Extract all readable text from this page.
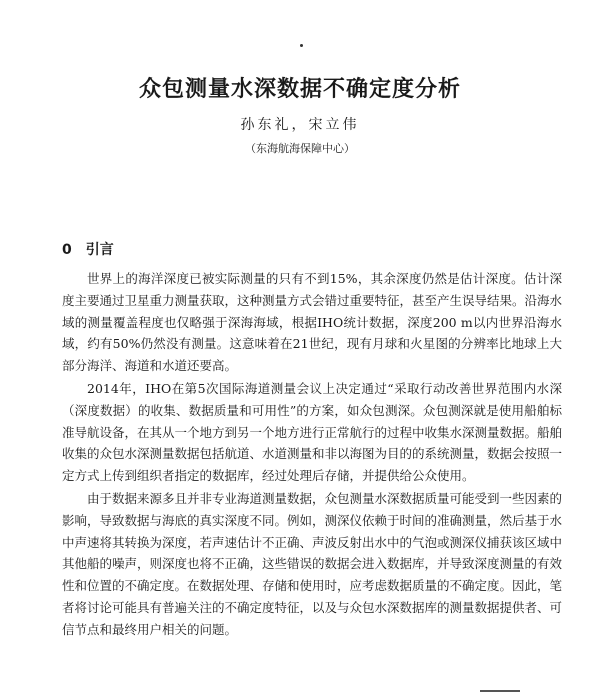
众包测量水深数据不确定度分析
孙东礼，宋立伟
（东海航海保障中心）
0 引言

世界上的海洋深度已被实际测量的只有不到15%，其余深度仍然是估计深度。估计深度主要通过卫星重力测量获取，这种测量方式会错过重要特征，甚至产生误导结果。沿海水域的测量覆盖程度也仅略强于深海海域，根据IHO统计数据，深度200 m以内世界沿海水域，约有50%仍然没有测量。这意味着在21世纪，现有月球和火星图的分辨率比地球上大部分海洋、海道和水道还要高。

2014年，IHO在第5次国际海道测量会议上决定通过“采取行动改善世界范围内水深（深度数据）的收集、数据质量和可用性”的方案，如众包测深。众包测深就是使用船舶标准导航设备，在其从一个地方到另一个地方进行正常航行的过程中收集水深测量数据。船舶收集的众包水深测量数据包括航道、水道测量和非以海图为目的的系统测量，数据会按照一定方式上传到组织者指定的数据库，经过处理后存储，并提供给公众使用。

由于数据来源多且并非专业海道测量数据，众包测量水深数据质量可能受到一些因素的影响，导致数据与海底的真实深度不同。例如，测深仪依赖于时间的准确测量，然后基于水中声速将其转换为深度，若声速估计不正确、声波反射出水中的气泡或测深仪捕获该区域中其他船的噪声，则深度也将不正确，这些错误的数据会进入数据库，并导致深度测量的有效性和位置的不确定度。在数据处理、存储和使用时，应考虑数据质量的不确定度。因此，笔者将讨论可能具有普遍关注的不确定度特征，以及与众包水深数据库的测量数据提供者、可信节点和最终用户相关的问题。
